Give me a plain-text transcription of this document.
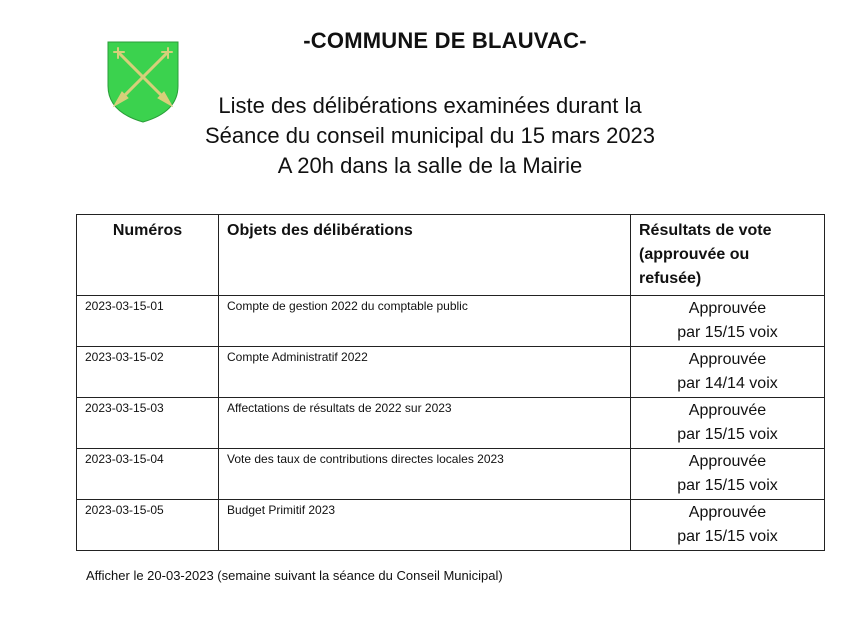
-COMMUNE DE BLAUVAC-
Liste des délibérations examinées durant la
Séance du conseil municipal du 15 mars 2023
A 20h dans la salle de la Mairie
Numéros	Objets des délibérations	Résultats de vote
(approuvée ou
refusée)

2023-03-15-01	Compte de gestion 2022 du comptable public	Approuvée
par 15/15 voix

2023-03-15-02	Compte Administratif 2022	Approuvée
par 14/14 voix

2023-03-15-03	Affectations de résultats de 2022 sur 2023	Approuvée
par 15/15 voix

2023-03-15-04	Vote des taux de contributions directes locales 2023	Approuvée
par 15/15 voix

2023-03-15-05	Budget Primitif 2023	Approuvée
par 15/15 voix
Afficher le 20-03-2023 (semaine suivant la séance du Conseil Municipal)
